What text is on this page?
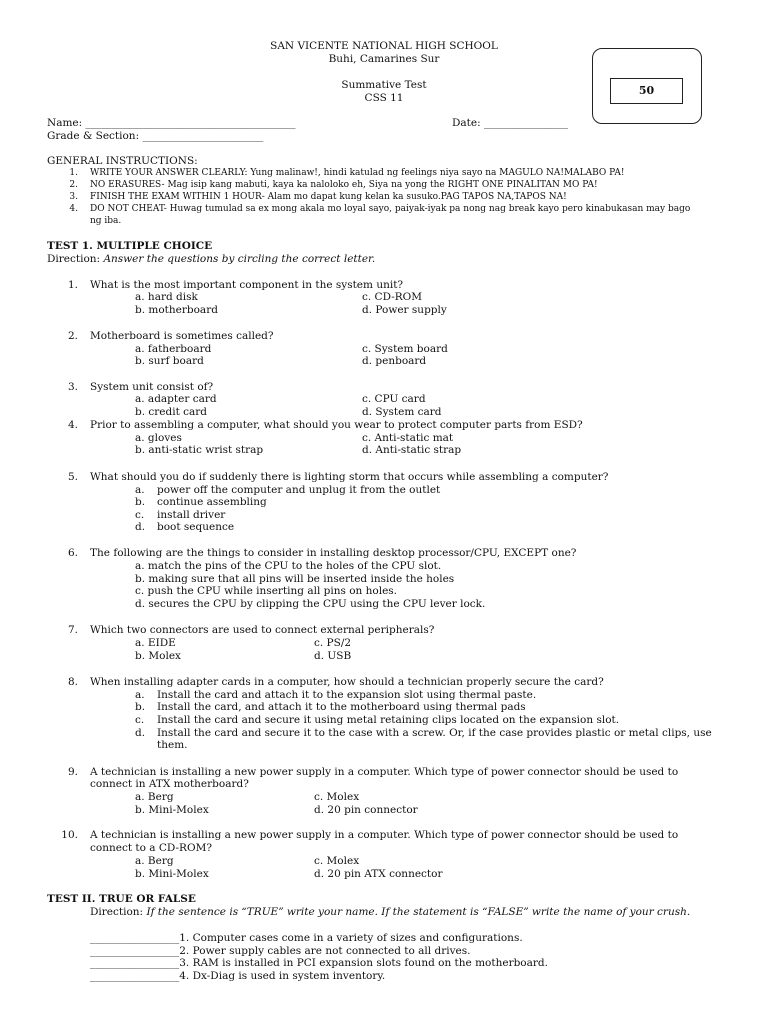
SAN VICENTE NATIONAL HIGH SCHOOL
Buhi, Camarines Sur
Summative Test
CSS 11
50
Name: ________________________________________	Date: ________________
Grade & Section: _______________________
GENERAL INSTRUCTIONS:
1. WRITE YOUR ANSWER CLEARLY: Yung malinaw!, hindi katulad ng feelings niya sayo na MAGULO NA!MALABO PA!
2. NO ERASURES- Mag isip kang mabuti, kaya ka naloloko eh, Siya na yong the RIGHT ONE PINALITAN MO PA!
3. FINISH THE EXAM WITHIN 1 HOUR- Alam mo dapat kung kelan ka susuko.PAG TAPOS NA,TAPOS NA!
4. DO NOT CHEAT- Huwag tumulad sa ex mong akala mo loyal sayo, paiyak-iyak pa nong nag break kayo pero kinabukasan may bago
ng iba.
TEST 1. MULTIPLE CHOICE
Direction: Answer the questions by circling the correct letter.
1. What is the most important component in the system unit?
a. hard disk	c. CD-ROM
b. motherboard	d. Power supply
2. Motherboard is sometimes called?
a. fatherboard	c. System board
b. surf board	d. penboard
3. System unit consist of?
a. adapter card	c. CPU card
b. credit card	d. System card
4. Prior to assembling a computer, what should you wear to protect computer parts from ESD?
a. gloves	c. Anti-static mat
b. anti-static wrist strap	d. Anti-static strap
5. What should you do if suddenly there is lighting storm that occurs while assembling a computer?
a. power off the computer and unplug it from the outlet
b. continue assembling
c. install driver
d. boot sequence
6. The following are the things to consider in installing desktop processor/CPU, EXCEPT one?
a. match the pins of the CPU to the holes of the CPU slot.
b. making sure that all pins will be inserted inside the holes
c. push the CPU while inserting all pins on holes.
d. secures the CPU by clipping the CPU using the CPU lever lock.
7. Which two connectors are used to connect external peripherals?
a. EIDE	c. PS/2
b. Molex	d. USB
8. When installing adapter cards in a computer, how should a technician properly secure the card?
a. Install the card and attach it to the expansion slot using thermal paste.
b. Install the card, and attach it to the motherboard using thermal pads
c. Install the card and secure it using metal retaining clips located on the expansion slot.
d. Install the card and secure it to the case with a screw. Or, if the case provides plastic or metal clips, use
them.
9. A technician is installing a new power supply in a computer. Which type of power connector should be used to
connect in ATX motherboard?
a. Berg	c. Molex
b. Mini-Molex	d. 20 pin connector
10. A technician is installing a new power supply in a computer. Which type of power connector should be used to
connect to a CD-ROM?
a. Berg	c. Molex
b. Mini-Molex	d. 20 pin ATX connector
TEST II. TRUE OR FALSE
Direction: If the sentence is “TRUE” write your name. If the statement is “FALSE” write the name of your crush.
_________________1. Computer cases come in a variety of sizes and configurations.
_________________2. Power supply cables are not connected to all drives.
_________________3. RAM is installed in PCI expansion slots found on the motherboard.
_________________4. Dx-Diag is used in system inventory.
